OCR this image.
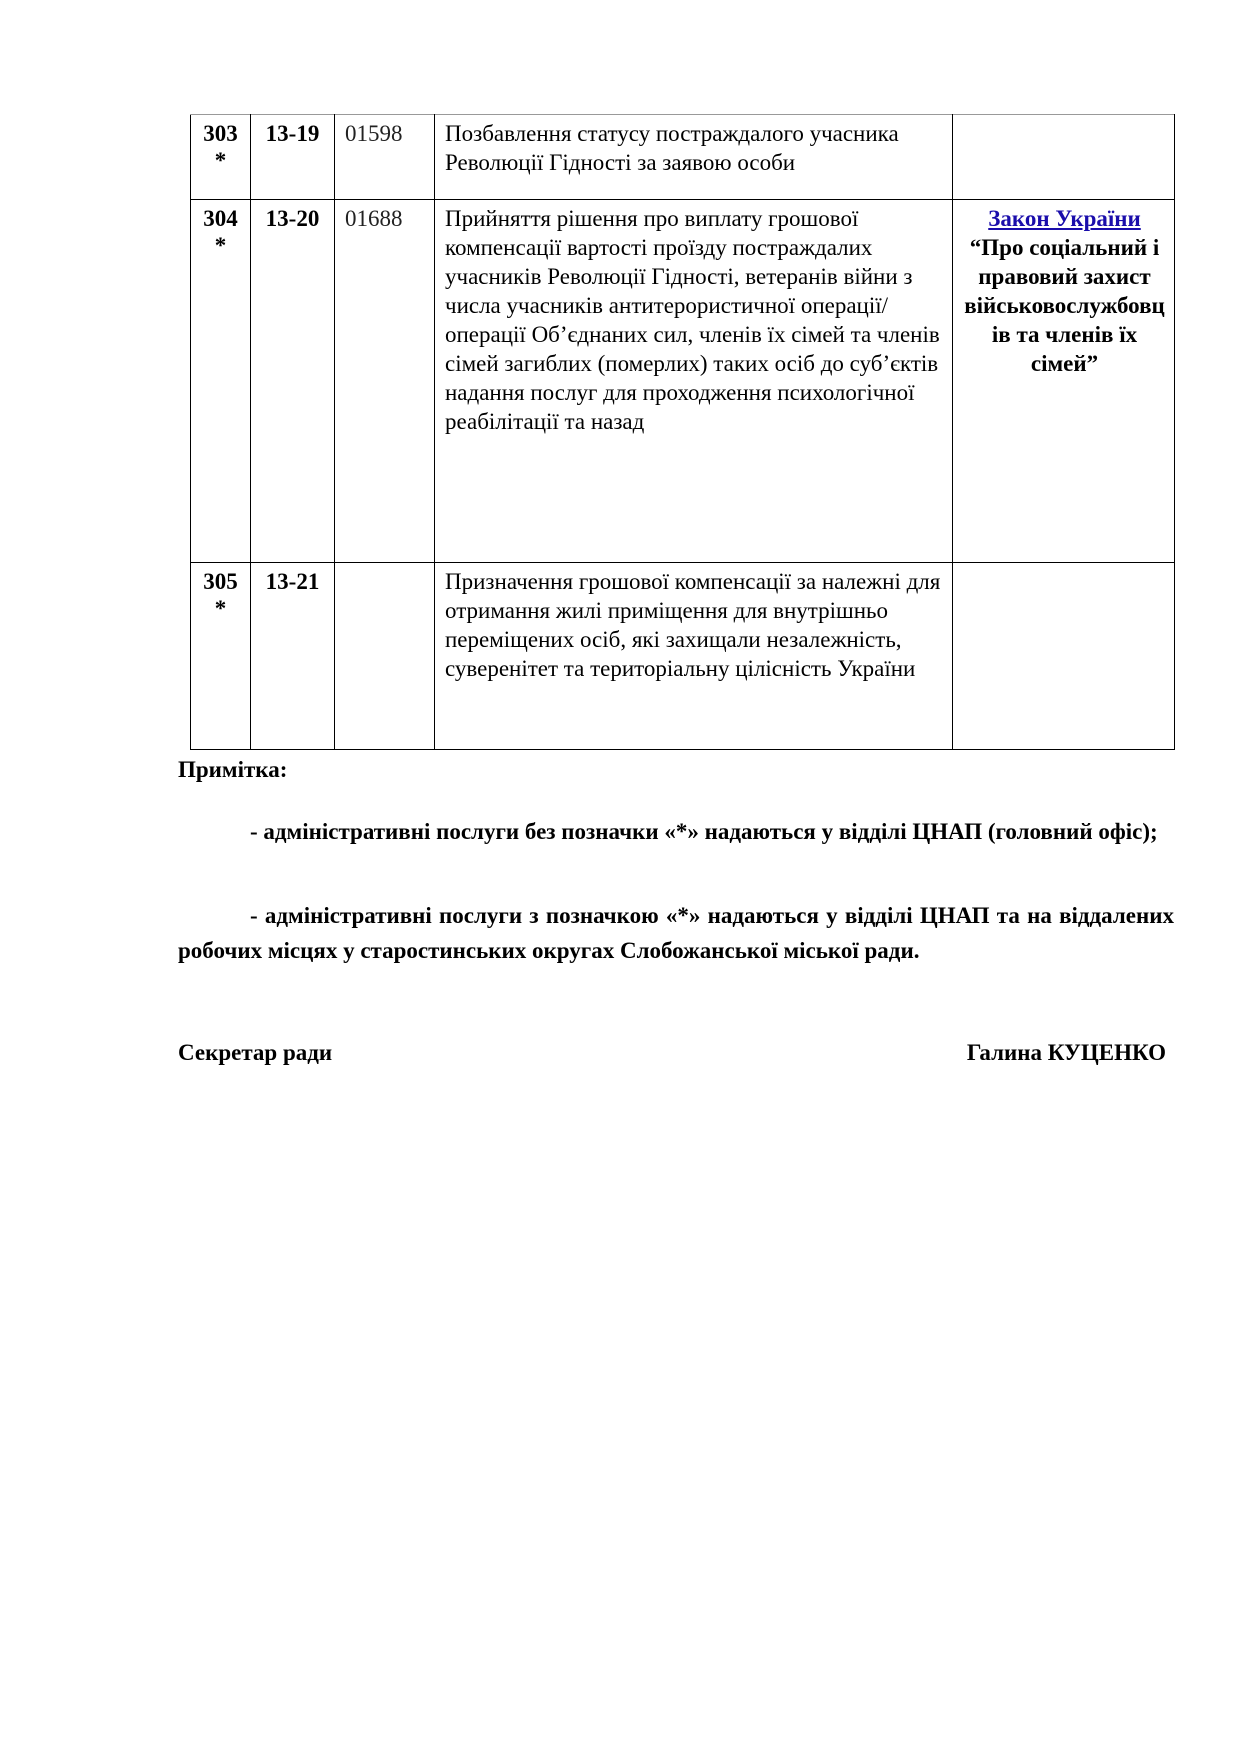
303
*	13-19	01598	Позбавлення статусу постраждалого учасника Революції Гідності за заявою особи	

304
*	13-20	01688	Прийняття рішення про виплату грошової компенсації вартості проїзду постраждалих учасників Революції Гідності, ветеранів війни з числа учасників антитерористичної операції/операції Об’єднаних сил, членів їх сімей та членів сімей загиблих (померлих) таких осіб до суб’єктів надання послуг для проходження психологічної реабілітації та назад	Закон України
“Про соціальний і правовий захист військовослужбовців та членів їх сімей”

305
*	13-21		Призначення грошової компенсації за належні для отримання жилі приміщення для внутрішньо переміщених осіб, які захищали незалежність, суверенітет та територіальну цілісність України	
Примітка:
- адміністративні послуги без позначки «*» надаються у відділі ЦНАП (головний офіс);
- адміністративні послуги з позначкою «*» надаються у відділі ЦНАП та на віддалених робочих місцях у старостинських округах Слобожанської міської ради.
Секретар ради	Галина КУЦЕНКО
